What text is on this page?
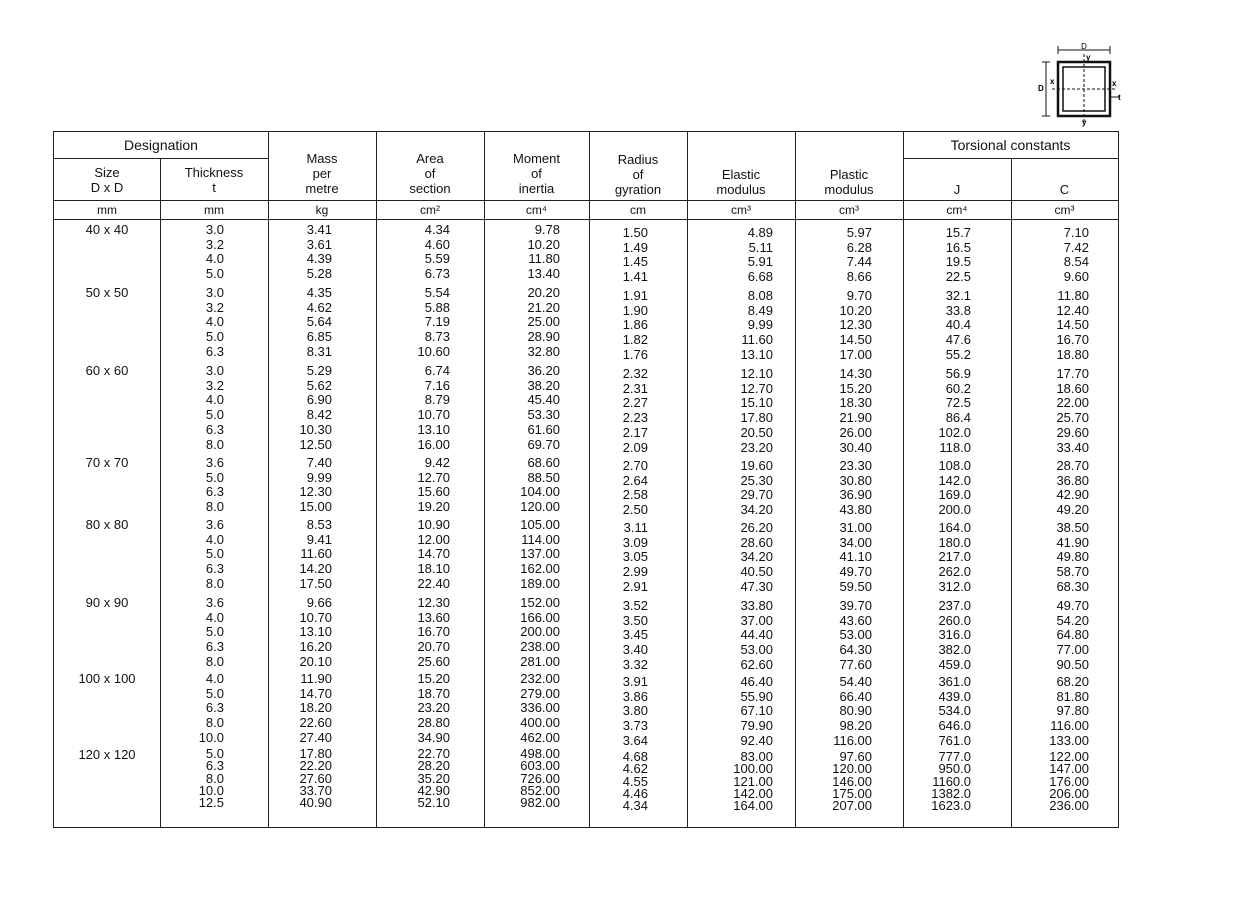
D
y
D
x	x
t
y
Designation
Size
D x D
Thickness
t
Mass
per
metre
Area
of
section
Moment
of
inertia
Radius
of
gyration
Elastic
modulus
Plastic
modulus
Torsional constants
J	C
mm	mm	kg	cm²	cm⁴	cm	cm³	cm³	cm⁴	cm³
40 x 40	3.0	3.41	4.34	9.78	1.50	4.89	5.97	15.7	7.10
3.2	3.61	4.60	10.20	1.49	5.11	6.28	16.5	7.42
4.0	4.39	5.59	11.80	1.45	5.91	7.44	19.5	8.54
5.0	5.28	6.73	13.40	1.41	6.68	8.66	22.5	9.60
50 x 50	3.0	4.35	5.54	20.20	1.91	8.08	9.70	32.1	11.80
3.2	4.62	5.88	21.20	1.90	8.49	10.20	33.8	12.40
4.0	5.64	7.19	25.00	1.86	9.99	12.30	40.4	14.50
5.0	6.85	8.73	28.90	1.82	11.60	14.50	47.6	16.70
6.3	8.31	10.60	32.80	1.76	13.10	17.00	55.2	18.80
60 x 60	3.0	5.29	6.74	36.20	2.32	12.10	14.30	56.9	17.70
3.2	5.62	7.16	38.20	2.31	12.70	15.20	60.2	18.60
4.0	6.90	8.79	45.40	2.27	15.10	18.30	72.5	22.00
5.0	8.42	10.70	53.30	2.23	17.80	21.90	86.4	25.70
6.3	10.30	13.10	61.60	2.17	20.50	26.00	102.0	29.60
8.0	12.50	16.00	69.70	2.09	23.20	30.40	118.0	33.40
70 x 70	3.6	7.40	9.42	68.60	2.70	19.60	23.30	108.0	28.70
5.0	9.99	12.70	88.50	2.64	25.30	30.80	142.0	36.80
6.3	12.30	15.60	104.00	2.58	29.70	36.90	169.0	42.90
8.0	15.00	19.20	120.00	2.50	34.20	43.80	200.0	49.20
80 x 80	3.6	8.53	10.90	105.00	3.11	26.20	31.00	164.0	38.50
4.0	9.41	12.00	114.00	3.09	28.60	34.00	180.0	41.90
5.0	11.60	14.70	137.00	3.05	34.20	41.10	217.0	49.80
6.3	14.20	18.10	162.00	2.99	40.50	49.70	262.0	58.70
8.0	17.50	22.40	189.00	2.91	47.30	59.50	312.0	68.30
90 x 90	3.6	9.66	12.30	152.00	3.52	33.80	39.70	237.0	49.70
4.0	10.70	13.60	166.00	3.50	37.00	43.60	260.0	54.20
5.0	13.10	16.70	200.00	3.45	44.40	53.00	316.0	64.80
6.3	16.20	20.70	238.00	3.40	53.00	64.30	382.0	77.00
8.0	20.10	25.60	281.00	3.32	62.60	77.60	459.0	90.50
100 x 100	4.0	11.90	15.20	232.00	3.91	46.40	54.40	361.0	68.20
5.0	14.70	18.70	279.00	3.86	55.90	66.40	439.0	81.80
6.3	18.20	23.20	336.00	3.80	67.10	80.90	534.0	97.80
8.0	22.60	28.80	400.00	3.73	79.90	98.20	646.0	116.00
10.0	27.40	34.90	462.00	3.64	92.40	116.00	761.0	133.00
120 x 120	5.0	17.80	22.70	498.00	4.68	83.00	97.60	777.0	122.00
6.3	22.20	28.20	603.00	4.62	100.00	120.00	950.0	147.00
8.0	27.60	35.20	726.00	4.55	121.00	146.00	1160.0	176.00
10.0	33.70	42.90	852.00	4.46	142.00	175.00	1382.0	206.00
12.5	40.90	52.10	982.00	4.34	164.00	207.00	1623.0	236.00
